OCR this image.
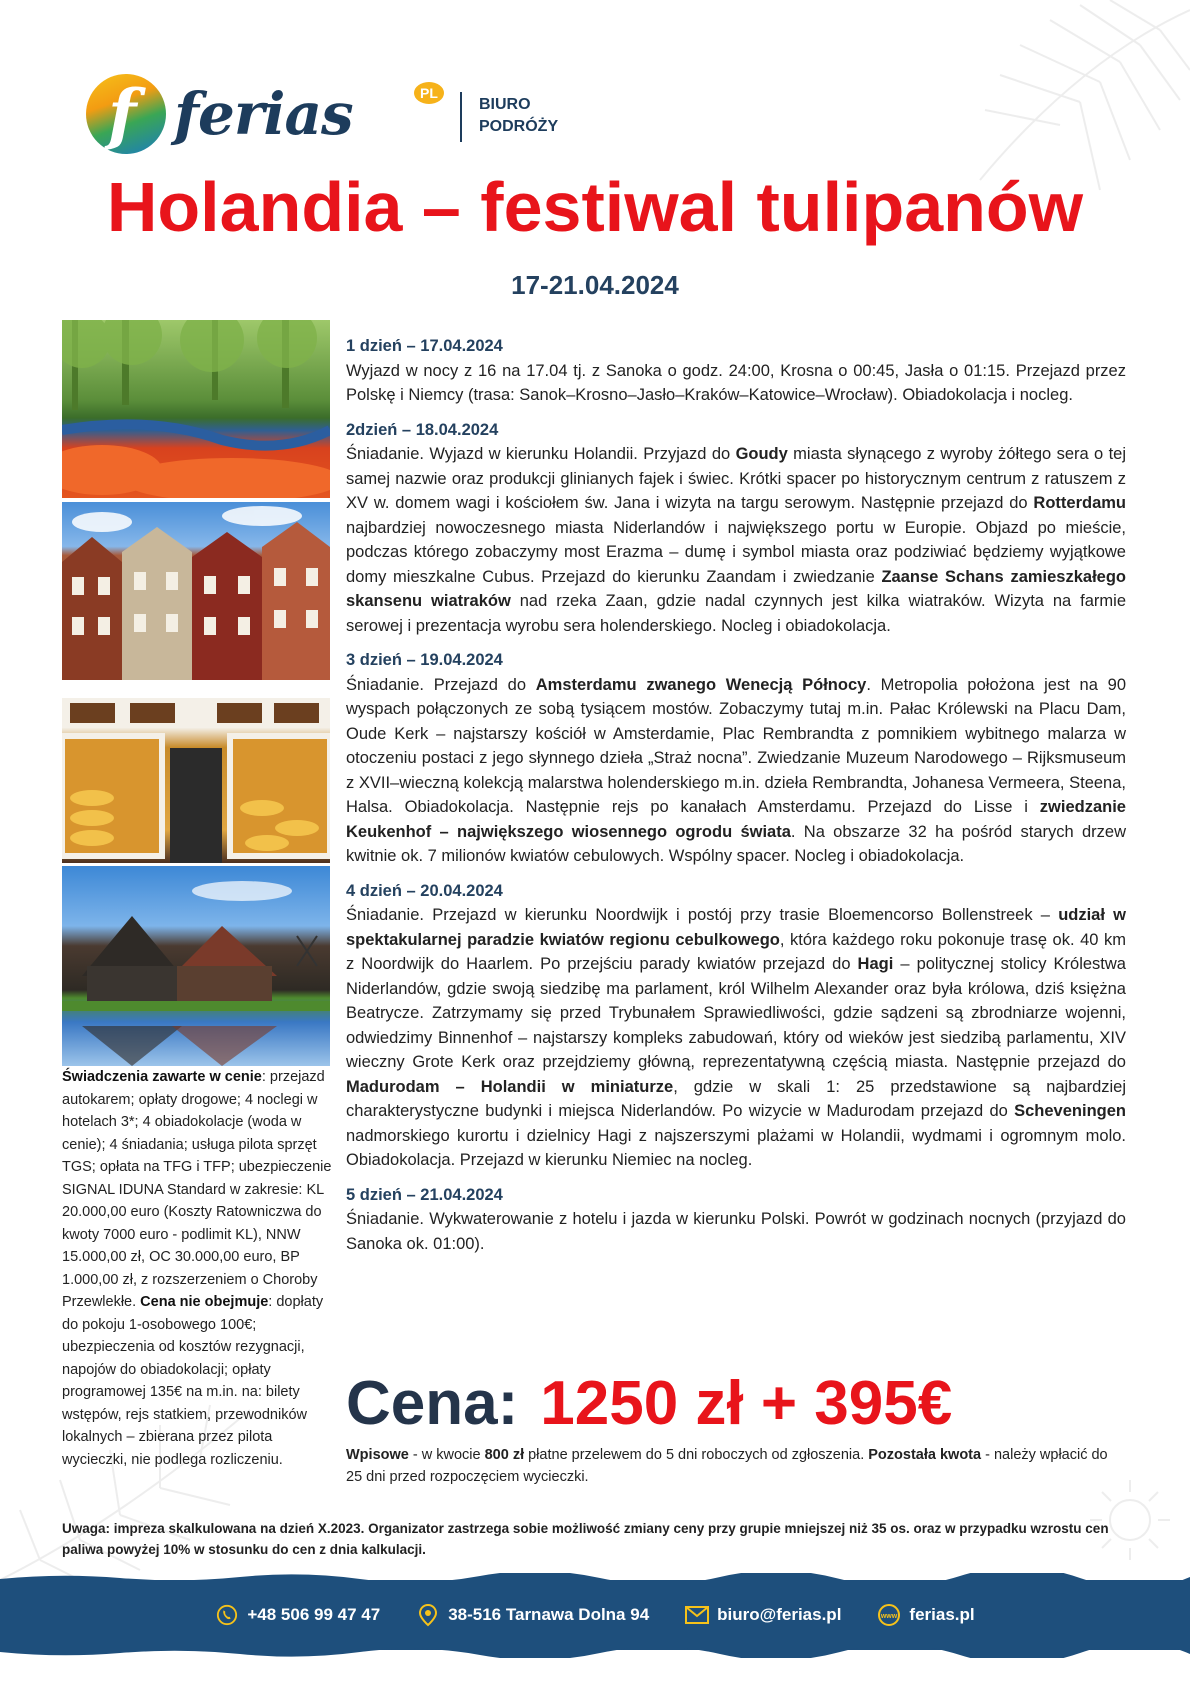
f ferias	PL
BIURO
PODRÓŻY
Holandia – festiwal tulipanów
17-21.04.2024
Świadczenia zawarte w cenie: przejazd autokarem; opłaty drogowe; 4 noclegi w hotelach 3*; 4 obiadokolacje (woda w cenie); 4 śniadania; usługa pilota sprzęt TGS; opłata na TFG i TFP; ubezpieczenie SIGNAL IDUNA Standard w zakresie: KL 20.000,00 euro (Koszty Ratowniczwa do kwoty 7000 euro - podlimit KL), NNW 15.000,00 zł, OC 30.000,00 euro, BP 1.000,00 zł, z rozszerzeniem o Choroby Przewlekłe. Cena nie obejmuje: dopłaty do pokoju 1-osobowego 100€; ubezpieczenia od kosztów rezygnacji, napojów do obiadokolacji; opłaty programowej 135€ na m.in. na: bilety wstępów, rejs statkiem, przewodników lokalnych – zbierana przez pilota wycieczki, nie podlega rozliczeniu.
1 dzień – 17.04.2024
Wyjazd w nocy z 16 na 17.04 tj. z Sanoka o godz. 24:00, Krosna o 00:45, Jasła o 01:15. Przejazd przez Polskę i Niemcy (trasa: Sanok–Krosno–Jasło–Kraków–Katowice–Wrocław). Obiadokolacja i nocleg.
2dzień – 18.04.2024
Śniadanie. Wyjazd w kierunku Holandii. Przyjazd do Goudy miasta słynącego z wyroby żółtego sera o tej samej nazwie oraz produkcji glinianych fajek i świec. Krótki spacer po historycznym centrum z ratuszem z XV w. domem wagi i kościołem św. Jana i wizyta na targu serowym. Następnie przejazd do Rotterdamu najbardziej nowoczesnego miasta Niderlandów i największego portu w Europie. Objazd po mieście, podczas którego zobaczymy most Erazma – dumę i symbol miasta oraz podziwiać będziemy wyjątkowe domy mieszkalne Cubus. Przejazd do kierunku Zaandam i zwiedzanie Zaanse Schans zamieszkałego skansenu wiatraków nad rzeka Zaan, gdzie nadal czynnych jest kilka wiatraków. Wizyta na farmie serowej i prezentacja wyrobu sera holenderskiego. Nocleg i obiadokolacja.
3 dzień – 19.04.2024
Śniadanie. Przejazd do Amsterdamu zwanego Wenecją Północy. Metropolia położona jest na 90 wyspach połączonych ze sobą tysiącem mostów. Zobaczymy tutaj m.in. Pałac Królewski na Placu Dam, Oude Kerk – najstarszy kościół w Amsterdamie, Plac Rembrandta z pomnikiem wybitnego malarza w otoczeniu postaci z jego słynnego dzieła „Straż nocna”. Zwiedzanie Muzeum Narodowego – Rijksmuseum z XVII–wieczną kolekcją malarstwa holenderskiego m.in. dzieła Rembrandta, Johanesa Vermeera, Steena, Halsa. Obiadokolacja. Następnie rejs po kanałach Amsterdamu. Przejazd do Lisse i zwiedzanie Keukenhof – największego wiosennego ogrodu świata. Na obszarze 32 ha pośród starych drzew kwitnie ok. 7 milionów kwiatów cebulowych. Wspólny spacer. Nocleg i obiadokolacja.
4 dzień – 20.04.2024
Śniadanie. Przejazd w kierunku Noordwijk i postój przy trasie Bloemencorso Bollenstreek – udział w spektakularnej paradzie kwiatów regionu cebulkowego, która każdego roku pokonuje trasę ok. 40 km z Noordwijk do Haarlem. Po przejściu parady kwiatów przejazd do Hagi – politycznej stolicy Królestwa Niderlandów, gdzie swoją siedzibę ma parlament, król Wilhelm Alexander oraz była królowa, dziś księżna Beatrycze. Zatrzymamy się przed Trybunałem Sprawiedliwości, gdzie sądzeni są zbrodniarze wojenni, odwiedzimy Binnenhof – najstarszy kompleks zabudowań, który od wieków jest siedzibą parlamentu, XIV wieczny Grote Kerk oraz przejdziemy główną, reprezentatywną częścią miasta. Następnie przejazd do Madurodam – Holandii w miniaturze, gdzie w skali 1: 25 przedstawione są najbardziej charakterystyczne budynki i miejsca Niderlandów. Po wizycie w Madurodam przejazd do Scheveningen nadmorskiego kurortu i dzielnicy Hagi z najszerszymi plażami w Holandii, wydmami i ogromnym molo. Obiadokolacja. Przejazd w kierunku Niemiec na nocleg.
5 dzień – 21.04.2024
Śniadanie. Wykwaterowanie z hotelu i jazda w kierunku Polski. Powrót w godzinach nocnych (przyjazd do Sanoka ok. 01:00).
Cena: 1250 zł + 395€
Wpisowe - w kwocie 800 zł płatne przelewem do 5 dni roboczych od zgłoszenia. Pozostała kwota - należy wpłacić do 25 dni przed rozpoczęciem wycieczki.
Uwaga: impreza skalkulowana na dzień X.2023. Organizator zastrzega sobie możliwość zmiany ceny przy grupie mniejszej niż 35 os. oraz w przypadku wzrostu cen paliwa powyżej 10% w stosunku do cen z dnia kalkulacji.
+48 506 99 47 47	38-516 Tarnawa Dolna 94	biuro@ferias.pl	www ferias.pl
